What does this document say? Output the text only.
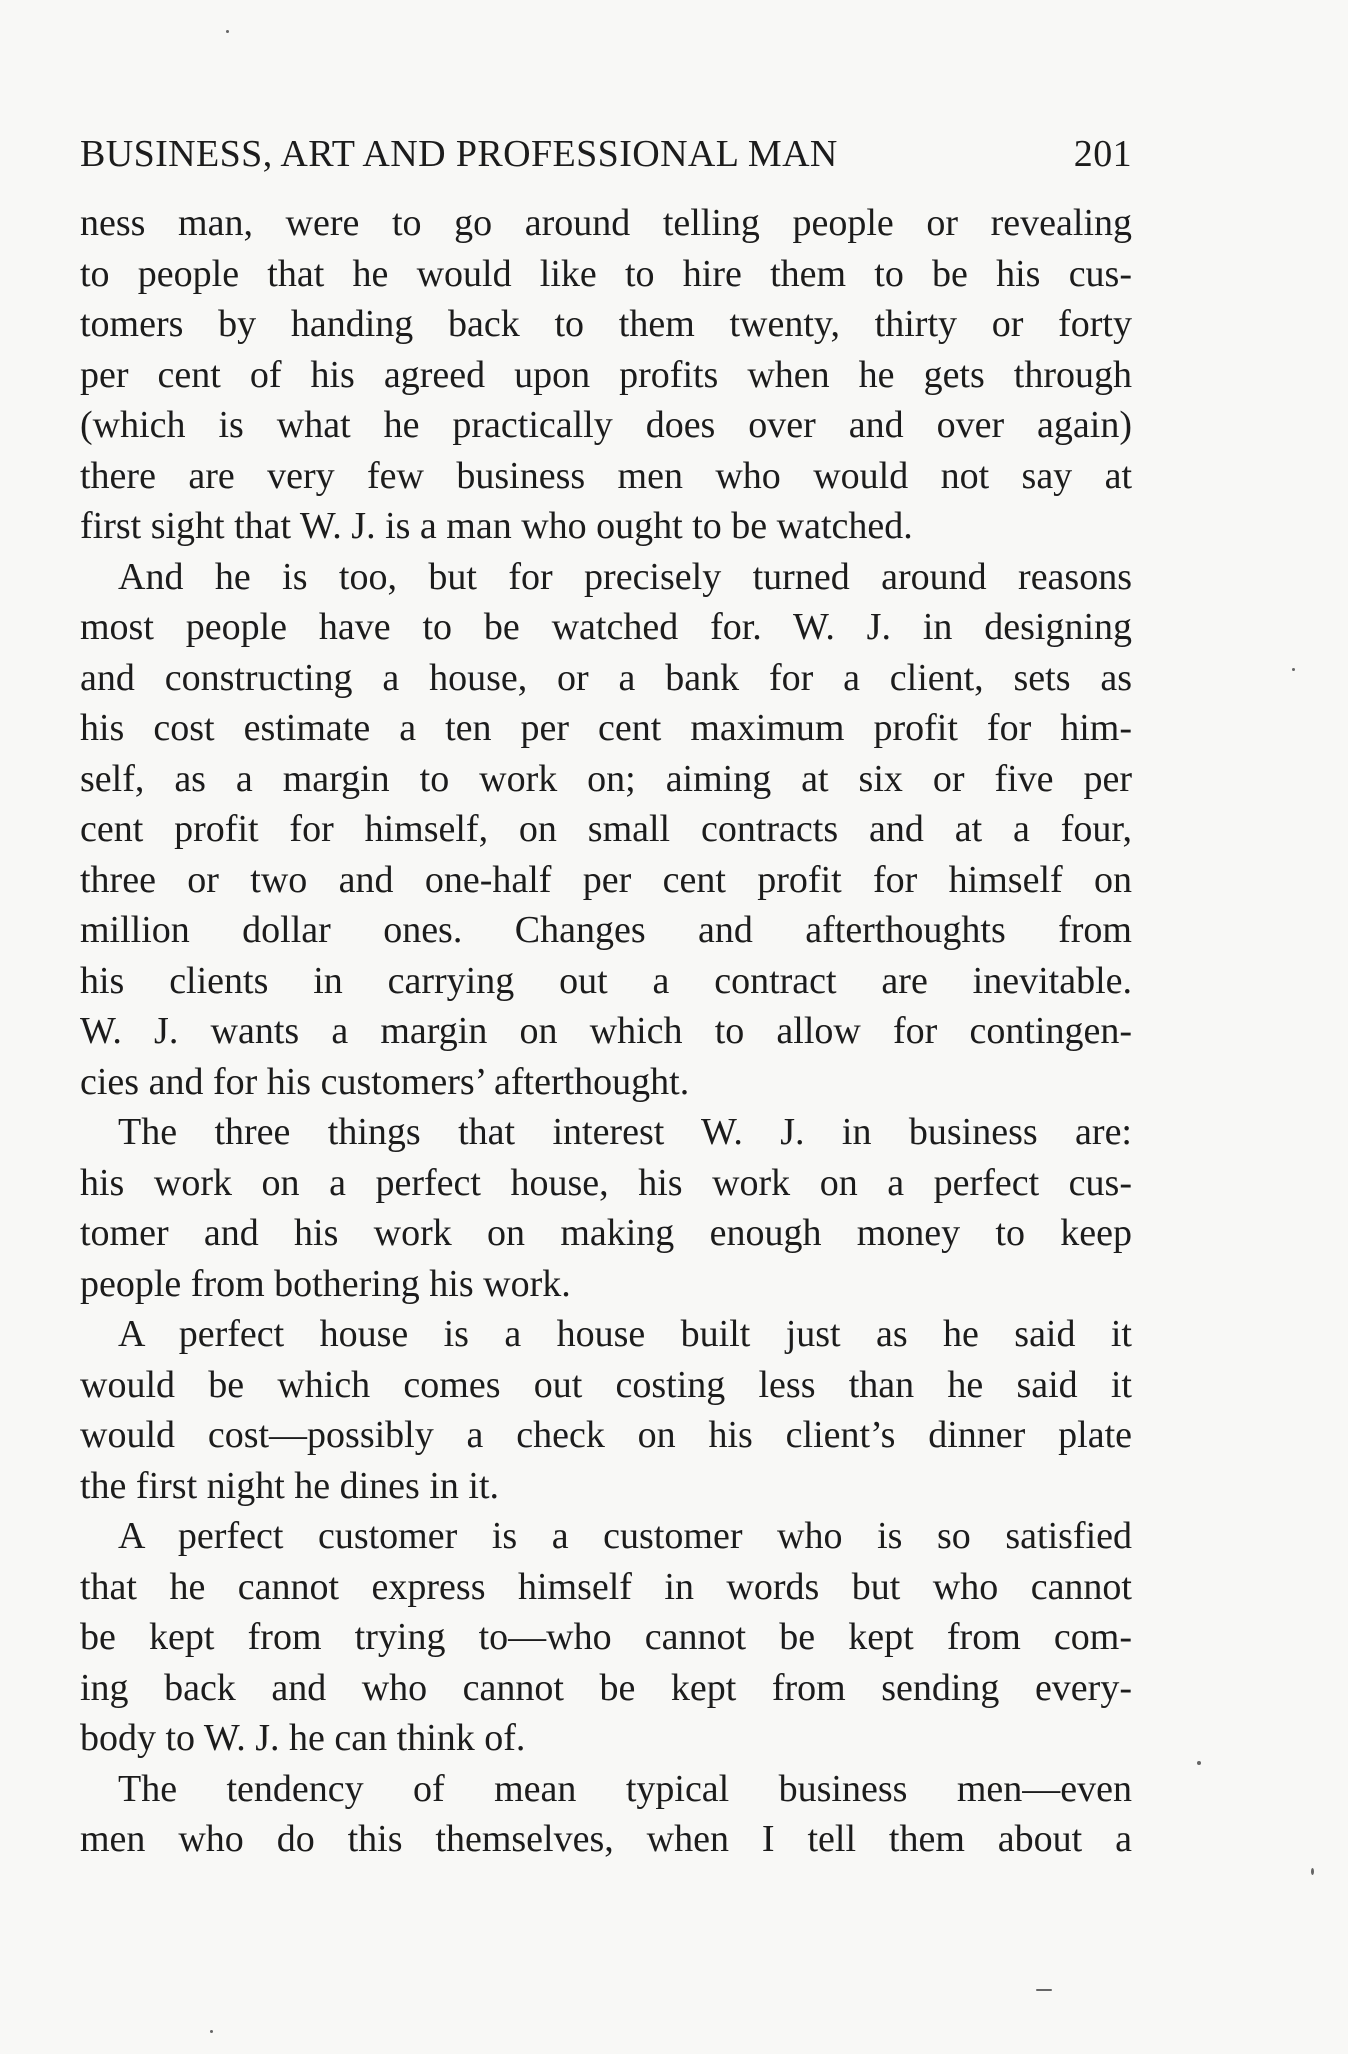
BUSINESS, ART AND PROFESSIONAL MAN	201
ness man, were to go around telling people or revealing
to people that he would like to hire them to be his cus-
tomers by handing back to them twenty, thirty or forty
per cent of his agreed upon profits when he gets through
(which is what he practically does over and over again)
there are very few business men who would not say at
first sight that W. J. is a man who ought to be watched.
And he is too, but for precisely turned around reasons
most people have to be watched for. W. J. in designing
and constructing a house, or a bank for a client, sets as
his cost estimate a ten per cent maximum profit for him-
self, as a margin to work on; aiming at six or five per
cent profit for himself, on small contracts and at a four,
three or two and one-half per cent profit for himself on
million dollar ones. Changes and afterthoughts from
his clients in carrying out a contract are inevitable.
W. J. wants a margin on which to allow for contingen-
cies and for his customers’ afterthought.
The three things that interest W. J. in business are:
his work on a perfect house, his work on a perfect cus-
tomer and his work on making enough money to keep
people from bothering his work.
A perfect house is a house built just as he said it
would be which comes out costing less than he said it
would cost—possibly a check on his client’s dinner plate
the first night he dines in it.
A perfect customer is a customer who is so satisfied
that he cannot express himself in words but who cannot
be kept from trying to—who cannot be kept from com-
ing back and who cannot be kept from sending every-
body to W. J. he can think of.
The tendency of mean typical business men—even
men who do this themselves, when I tell them about a
